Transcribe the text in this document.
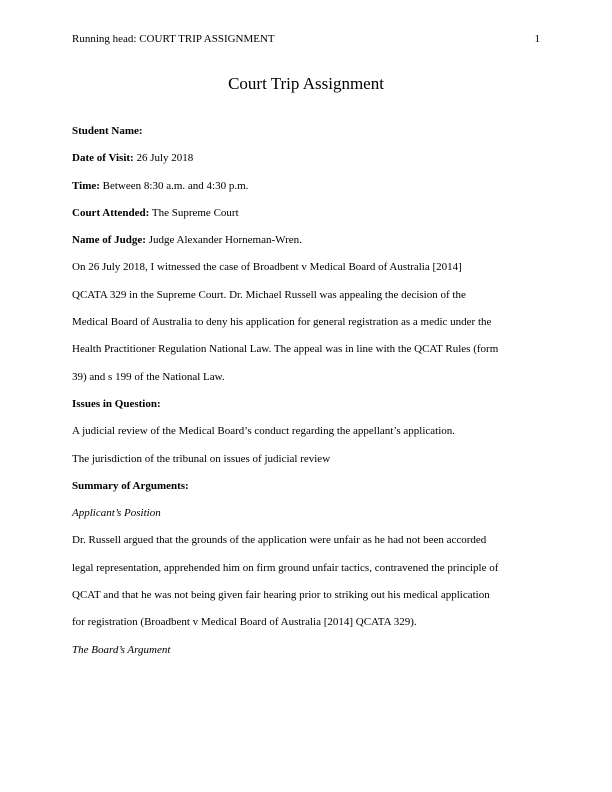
Running head: COURT TRIP ASSIGNMENT	1
Court Trip Assignment

Student Name:

Date of Visit: 26 July 2018

Time: Between 8:30 a.m. and 4:30 p.m.

Court Attended: The Supreme Court

Name of Judge: Judge Alexander Horneman-Wren.

On 26 July 2018, I witnessed the case of Broadbent v Medical Board of Australia [2014]

QCATA 329 in the Supreme Court. Dr. Michael Russell was appealing the decision of the

Medical Board of Australia to deny his application for general registration as a medic under the

Health Practitioner Regulation National Law. The appeal was in line with the QCAT Rules (form

39) and s 199 of the National Law.

Issues in Question:

A judicial review of the Medical Board’s conduct regarding the appellant’s application.

The jurisdiction of the tribunal on issues of judicial review

Summary of Arguments:

Applicant’s Position

Dr. Russell argued that the grounds of the application were unfair as he had not been accorded

legal representation, apprehended him on firm ground unfair tactics, contravened the principle of

QCAT and that he was not being given fair hearing prior to striking out his medical application

for registration (Broadbent v Medical Board of Australia [2014] QCATA 329).

The Board’s Argument
